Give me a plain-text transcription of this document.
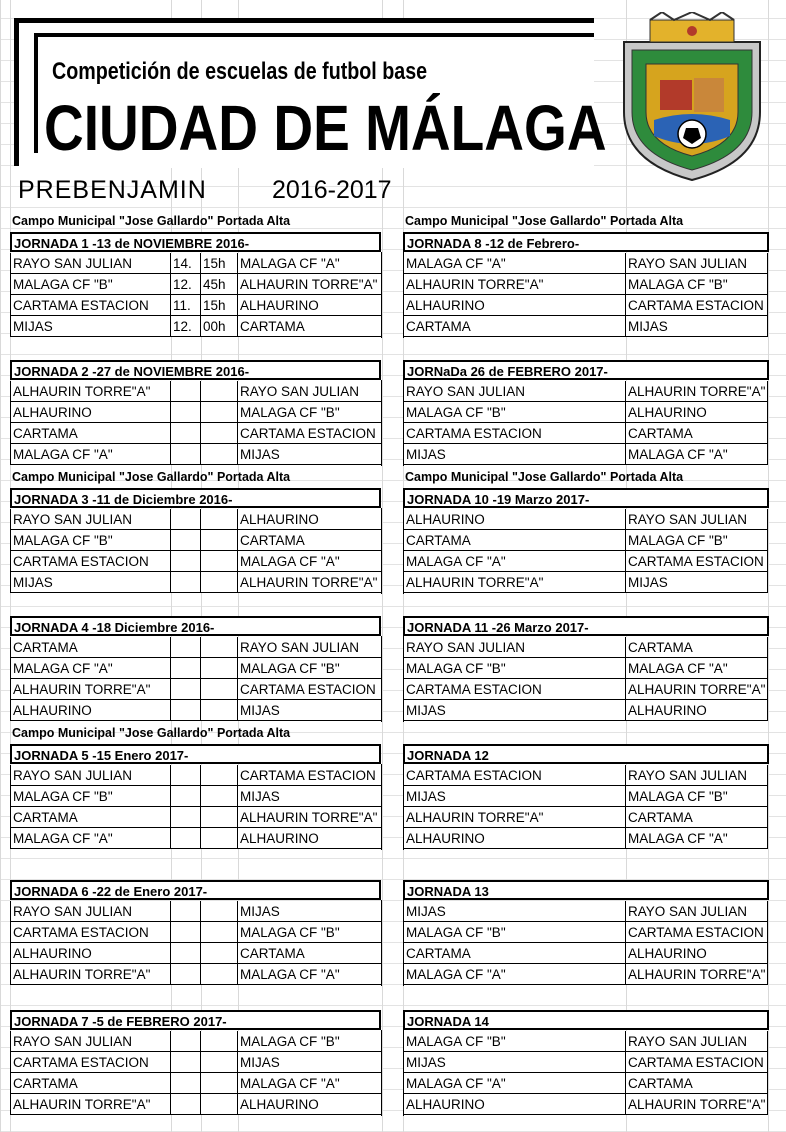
Competición de escuelas de futbol base
CIUDAD DE MÁLAGA
PREBENJAMIN	2016-2017
Campo Municipal "Jose Gallardo" Portada Alta
JORNADA 1 -13 de NOVIEMBRE 2016-
RAYO SAN JULIAN	14. 15h	MALAGA CF "A"
MALAGA CF "B"	12. 45h	ALHAURIN TORRE"A"
CARTAMA ESTACION	11. 15h	ALHAURINO
MIJAS	12. 00h	CARTAMA
JORNADA 2 -27 de NOVIEMBRE 2016-
ALHAURIN TORRE"A"	RAYO SAN JULIAN
ALHAURINO	MALAGA CF "B"
CARTAMA	CARTAMA ESTACION
MALAGA CF "A"	MIJAS
Campo Municipal "Jose Gallardo" Portada Alta
JORNADA 3 -11 de Diciembre 2016-
RAYO SAN JULIAN	ALHAURINO
MALAGA CF "B"	CARTAMA
CARTAMA ESTACION	MALAGA CF "A"
MIJAS	ALHAURIN TORRE"A"
JORNADA 4 -18 Diciembre 2016-
CARTAMA	RAYO SAN JULIAN
MALAGA CF "A"	MALAGA CF "B"
ALHAURIN TORRE"A"	CARTAMA ESTACION
ALHAURINO	MIJAS
Campo Municipal "Jose Gallardo" Portada Alta
JORNADA 5 -15 Enero 2017-
RAYO SAN JULIAN	CARTAMA ESTACION
MALAGA CF "B"	MIJAS
CARTAMA	ALHAURIN TORRE"A"
MALAGA CF "A"	ALHAURINO
JORNADA 6 -22 de Enero 2017-
RAYO SAN JULIAN	MIJAS
CARTAMA ESTACION	MALAGA CF "B"
ALHAURINO	CARTAMA
ALHAURIN TORRE"A"	MALAGA CF "A"
JORNADA 7 -5 de FEBRERO 2017-
RAYO SAN JULIAN	MALAGA CF "B"
CARTAMA ESTACION	MIJAS
CARTAMA	MALAGA CF "A"
ALHAURIN TORRE"A"	ALHAURINO
Campo Municipal "Jose Gallardo" Portada Alta
JORNADA 8 -12 de Febrero-
MALAGA CF "A"	RAYO SAN JULIAN
ALHAURIN TORRE"A"	MALAGA CF "B"
ALHAURINO	CARTAMA ESTACION
CARTAMA	MIJAS
JORNaDa 26 de FEBRERO 2017-
RAYO SAN JULIAN	ALHAURIN TORRE"A"
MALAGA CF "B"	ALHAURINO
CARTAMA ESTACION	CARTAMA
MIJAS	MALAGA CF "A"
Campo Municipal "Jose Gallardo" Portada Alta
JORNADA 10 -19 Marzo 2017-
ALHAURINO	RAYO SAN JULIAN
CARTAMA	MALAGA CF "B"
MALAGA CF "A"	CARTAMA ESTACION
ALHAURIN TORRE"A"	MIJAS
JORNADA 11 -26 Marzo 2017-
RAYO SAN JULIAN	CARTAMA
MALAGA CF "B"	MALAGA CF "A"
CARTAMA ESTACION	ALHAURIN TORRE"A"
MIJAS	ALHAURINO
JORNADA 12
CARTAMA ESTACION	RAYO SAN JULIAN
MIJAS	MALAGA CF "B"
ALHAURIN TORRE"A"	CARTAMA
ALHAURINO	MALAGA CF "A"
JORNADA 13
MIJAS	RAYO SAN JULIAN
MALAGA CF "B"	CARTAMA ESTACION
CARTAMA	ALHAURINO
MALAGA CF "A"	ALHAURIN TORRE"A"
JORNADA 14
MALAGA CF "B"	RAYO SAN JULIAN
MIJAS	CARTAMA ESTACION
MALAGA CF "A"	CARTAMA
ALHAURINO	ALHAURIN TORRE"A"
